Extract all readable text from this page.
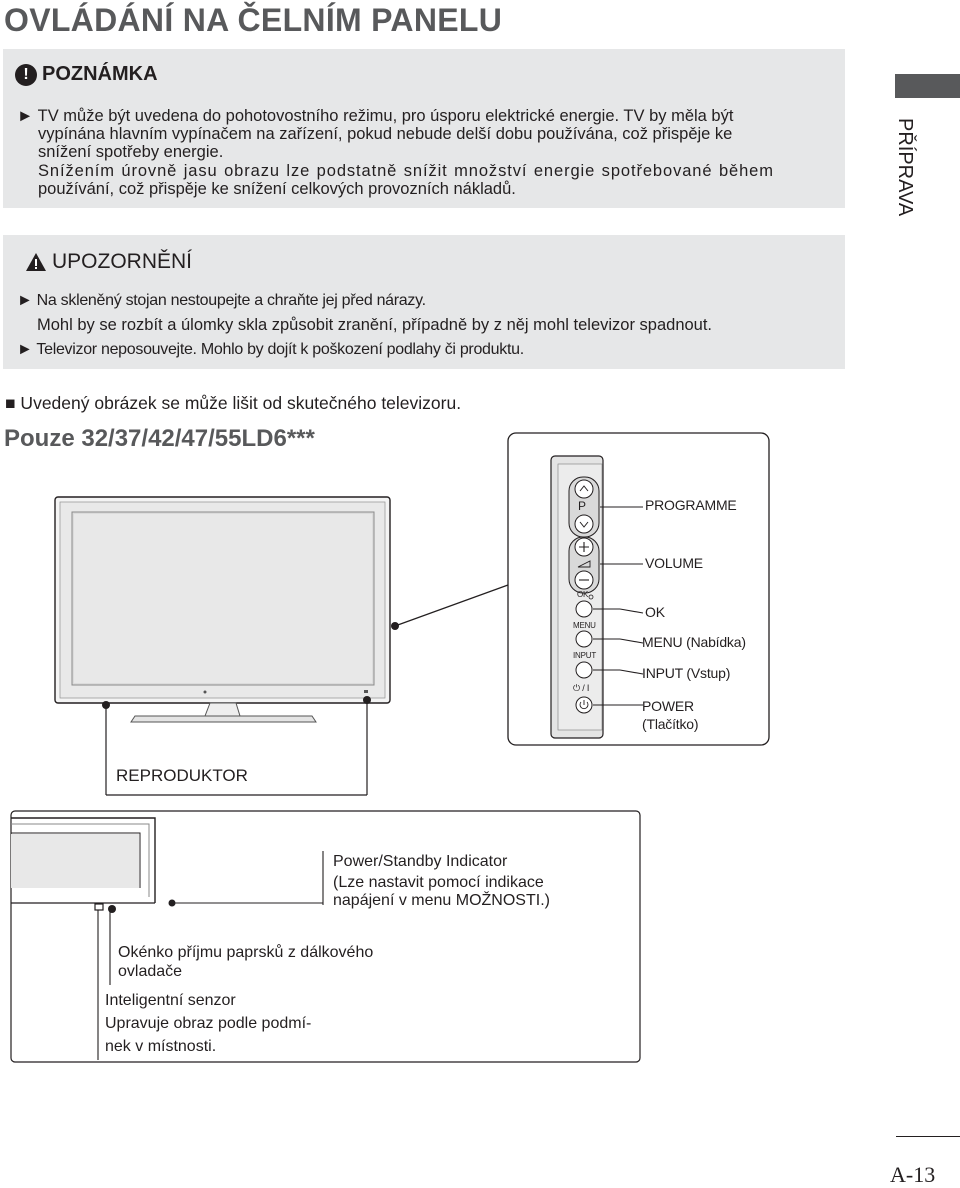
OVLÁDÁNÍ NA ČELNÍM PANELU
! POZNÁMKA
► TV může být uvedena do pohotovostního režimu, pro úsporu elektrické energie. TV by měla být
vypínána hlavním vypínačem na zařízení, pokud nebude delší dobu používána, což přispěje ke
snížení spotřeby energie.
Snížením úrovně jasu obrazu lze podstatně snížit množství energie spotřebované během
používání, což přispěje ke snížení celkových provozních nákladů.
UPOZORNĚNÍ
► Na skleněný stojan nestoupejte a chraňte jej před nárazy.
Mohl by se rozbít a úlomky skla způsobit zranění, případně by z něj mohl televizor spadnout.
► Televizor neposouvejte. Mohlo by dojít k poškození podlahy či produktu.
PŘÍPRAVA
■ Uvedený obrázek se může lišit od skutečného televizoru.
Pouze 32/37/42/47/55LD6***
P
OK
MENU
INPUT
⏻ / I
PROGRAMME
VOLUME
OK
MENU (Nabídka)
INPUT (Vstup)
POWER
(Tlačítko)
REPRODUKTOR
Power/Standby Indicator
(Lze nastavit pomocí indikace
napájení v menu MOŽNOSTI.)
Okénko příjmu paprsků z dálkového
ovladače
Inteligentní senzor
Upravuje obraz podle podmí-
nek v místnosti.
A-13
